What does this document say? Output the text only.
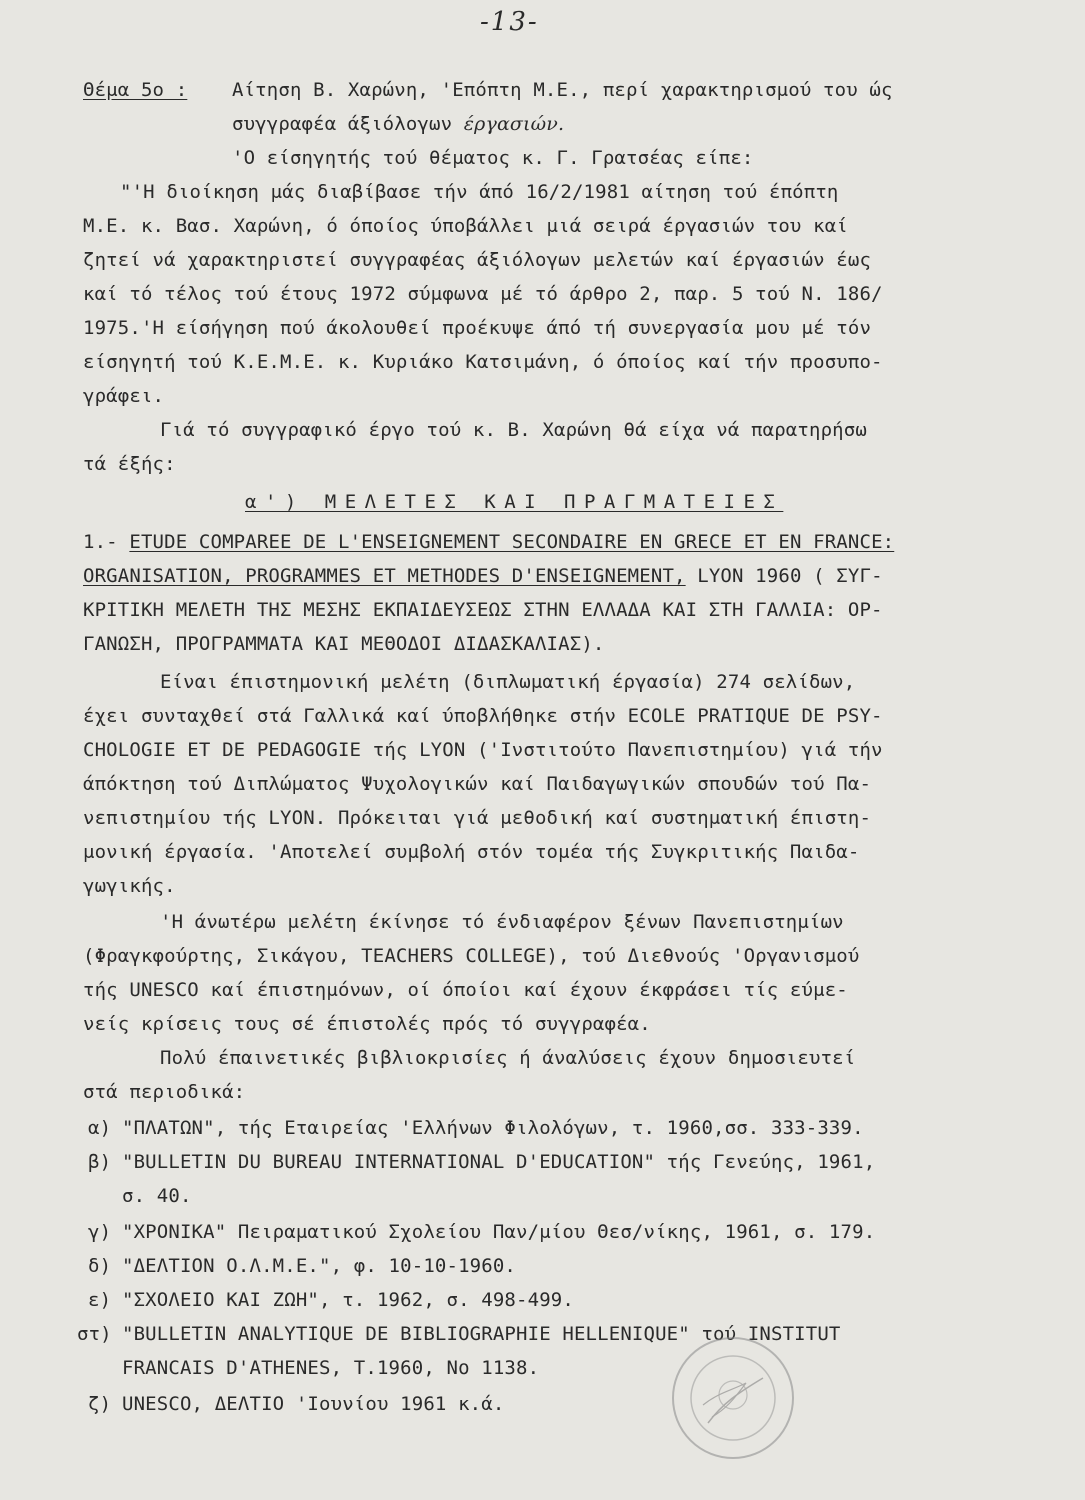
-13-
Θέμα 5ο : Αίτηση Β. Χαρώνη, 'Επόπτη Μ.Ε., περί χαρακτηρισμού του ώς
συγγραφέα άξιόλογων έργασιών.
'Ο είσηγητής τού θέματος κ. Γ. Γρατσέας είπε:
"'Η διοίκηση μάς διαβίβασε τήν άπό 16/2/1981 αίτηση τού έπόπτη
Μ.Ε. κ. Βασ. Χαρώνη, ό όποίος ύποβάλλει μιά σειρά έργασιών του καί
ζητεί νά χαρακτηριστεί συγγραφέας άξιόλογων μελετών καί έργασιών έως
καί τό τέλος τού έτους 1972 σύμφωνα μέ τό άρθρο 2, παρ. 5 τού Ν. 186/
1975.'Η είσήγηση πού άκολουθεί προέκυψε άπό τή συνεργασία μου μέ τόν
είσηγητή τού Κ.Ε.Μ.Ε. κ. Κυριάκο Κατσιμάνη, ό όποίος καί τήν προσυπο-
γράφει.
Γιά τό συγγραφικό έργο τού κ. Β. Χαρώνη θά είχα νά παρατηρήσω
τά έξής:
α') ΜΕΛΕΤΕΣ ΚΑΙ ΠΡΑΓΜΑΤΕΙΕΣ
1.- ETUDE COMPAREE DE L'ENSEIGNEMENT SECONDAIRE EN GRECE ET EN FRANCE:
ORGANISATION, PROGRAMMES ET METHODES D'ENSEIGNEMENT, LYON 1960 ( ΣΥΓ-
ΚΡΙΤΙΚΗ ΜΕΛΕΤΗ ΤΗΣ ΜΕΣΗΣ ΕΚΠΑΙΔΕΥΣΕΩΣ ΣΤΗΝ ΕΛΛΑΔΑ ΚΑΙ ΣΤΗ ΓΑΛΛΙΑ: ΟΡ-
ΓΑΝΩΣΗ, ΠΡΟΓΡΑΜΜΑΤΑ ΚΑΙ ΜΕΘΟΔΟΙ ΔΙΔΑΣΚΑΛΙΑΣ).
Είναι έπιστημονική μελέτη (διπλωματική έργασία) 274 σελίδων,
έχει συνταχθεί στά Γαλλικά καί ύποβλήθηκε στήν ECOLE PRATIQUE DE PSY-
CHOLOGIE ET DE PEDAGOGIE τής LYON ('Ινστιτούτο Πανεπιστημίου) γιά τήν
άπόκτηση τού Διπλώματος Ψυχολογικών καί Παιδαγωγικών σπουδών τού Πα-
νεπιστημίου τής LYON. Πρόκειται γιά μεθοδική καί συστηματική έπιστη-
μονική έργασία. 'Αποτελεί συμβολή στόν τομέα τής Συγκριτικής Παιδα-
γωγικής.
'Η άνωτέρω μελέτη έκίνησε τό ένδιαφέρον ξένων Πανεπιστημίων
(Φραγκφούρτης, Σικάγου, TEACHERS COLLEGE), τού Διεθνούς 'Οργανισμού
τής UNESCO καί έπιστημόνων, οί όποίοι καί έχουν έκφράσει τίς εύμε-
νείς κρίσεις τους σέ έπιστολές πρός τό συγγραφέα.
Πολύ έπαινετικές βιβλιοκρισίες ή άναλύσεις έχουν δημοσιευτεί
στά περιοδικά:
α) "ΠΛΑΤΩΝ", τής Εταιρείας 'Ελλήνων Φιλολόγων, τ. 1960,σσ. 333-339.
β) "BULLETIN DU BUREAU INTERNATIONAL D'EDUCATION" τής Γενεύης, 1961,
σ. 40.
γ) "ΧΡΟΝΙΚΑ" Πειραματικού Σχολείου Παν/μίου Θεσ/νίκης, 1961, σ. 179.
δ) "ΔΕΛΤΙΟΝ Ο.Λ.Μ.Ε.", φ. 10-10-1960.
ε) "ΣΧΟΛΕΙΟ ΚΑΙ ΖΩΗ", τ. 1962, σ. 498-499.
στ) "BULLETIN ANALYTIQUE DE BIBLIOGRAPHIE HELLENIQUE" τού INSTITUT
FRANCAIS D'ATHENES, T.1960, No 1138.
ζ) UNESCO, ΔΕΛΤΙΟ 'Ιουνίου 1961 κ.ά.
